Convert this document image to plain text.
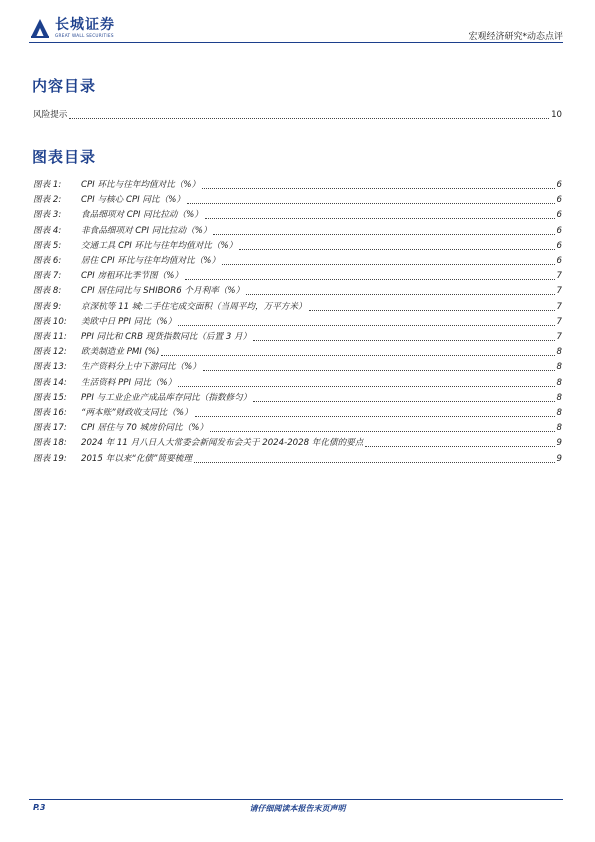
长城证券
GREAT WALL SECURITIES	宏观经济研究*动态点评
内容目录
风险提示	10
图表目录
图表 1: CPI 环比与往年均值对比（%）	6
图表 2: CPI 与核心 CPI 同比（%）	6
图表 3: 食品细项对 CPI 同比拉动（%）	6
图表 4: 非食品细项对 CPI 同比拉动（%）	6
图表 5: 交通工具 CPI 环比与往年均值对比（%）	6
图表 6: 居住 CPI 环比与往年均值对比（%）	6
图表 7: CPI 房租环比季节图（%）	7
图表 8: CPI 居住同比与 SHIBOR6 个月利率（%）	7
图表 9: 京深杭等 11 城:二手住宅成交面积（当周平均，万平方米）	7
图表 10: 美欧中日 PPI 同比（%）	7
图表 11: PPI 同比和 CRB 现货指数同比（后置 3 月）	7
图表 12: 欧美制造业 PMI (%)	8
图表 13: 生产资料分上中下游同比（%）	8
图表 14: 生活资料 PPI 同比（%）	8
图表 15: PPI 与工业企业产成品库存同比（指数修匀）	8
图表 16: “两本账”财政收支同比（%）	8
图表 17: CPI 居住与 70 城房价同比（%）	8
图表 18: 2024 年 11 月八日人大常委会新闻发布会关于 2024-2028 年化债的要点	9
图表 19: 2015 年以来“化债”简要梳理	9
P.3	请仔细阅读本报告末页声明
